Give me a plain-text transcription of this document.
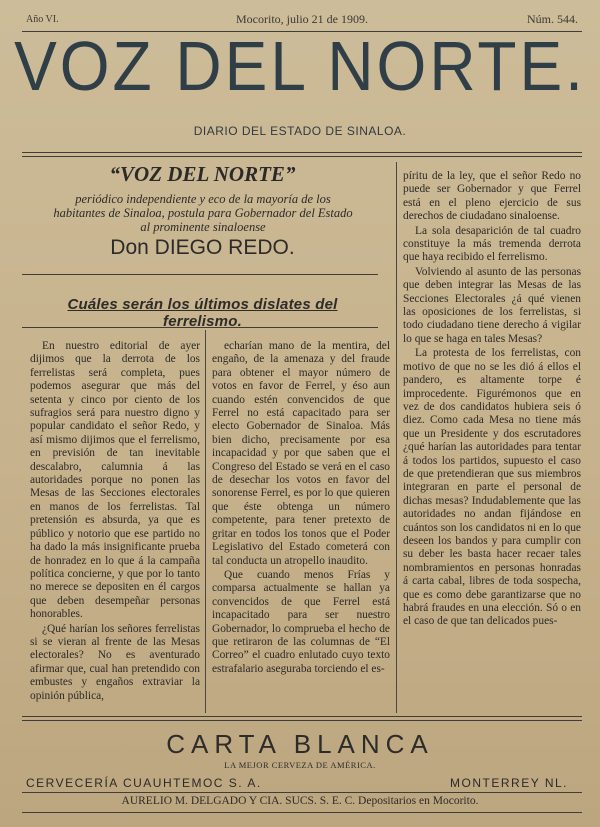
Año VI.	Mocorito, julio 21 de 1909.	Núm. 544.
VOZ DEL NORTE.
DIARIO DEL ESTADO DE SINALOA.
“VOZ DEL NORTE”
periódico independiente y eco de la mayoría de los habitantes de Sinaloa, postula para Gobernador del Estado al prominente sinaloense
Don DIEGO REDO.
Cuáles serán los últimos dislates del ferrelismo.

En nuestro editorial de ayer dijimos que la derrota de los ferrelistas será completa, pues podemos asegurar que más del setenta y cinco por ciento de los sufragios será para nuestro digno y popular candidato el señor Redo, y así mismo dijimos que el ferrelismo, en previsión de tan inevitable descalabro, calumnia á las autoridades porque no ponen las Mesas de las Secciones electorales en manos de los ferrelistas. Tal pretensión es absurda, ya que es público y notorio que ese partido no ha dado la más insignificante prueba de honradez en lo que á la campaña política concierne, y que por lo tanto no merece se depositen en él cargos que deben desempeñar personas honorables.

¿Qué harían los señores ferrelistas si se vieran al frente de las Mesas electorales? No es aventurado afirmar que, cual han pretendido con embustes y engaños extraviar la opinión pública,

echarían mano de la mentira, del engaño, de la amenaza y del fraude para obtener el mayor número de votos en favor de Ferrel, y éso aun cuando estén convencidos de que Ferrel no está capacitado para ser electo Gobernador de Sinaloa. Más bien dicho, precisamente por esa incapacidad y por que saben que el Congreso del Estado se verá en el caso de desechar los votos en favor del sonorense Ferrel, es por lo que quieren que éste obtenga un número competente, para tener pretexto de gritar en todos los tonos que el Poder Legislativo del Estado cometerá con tal conducta un atropello inaudito.

Que cuando menos Frías y comparsa actualmente se hallan ya convencidos de que Ferrel está incapacitado para ser nuestro Gobernador, lo comprueba el hecho de que retiraron de las columnas de “El Correo” el cuadro enlutado cuyo texto estrafalario aseguraba torciendo el es-

píritu de la ley, que el señor Redo no puede ser Gobernador y que Ferrel está en el pleno ejercicio de sus derechos de ciudadano sinaloense.

La sola desaparición de tal cuadro constituye la más tremenda derrota que haya recibido el ferrelismo.

Volviendo al asunto de las personas que deben integrar las Mesas de las Secciones Electorales ¿á qué vienen las oposiciones de los ferrelistas, si todo ciudadano tiene derecho á vigilar lo que se haga en tales Mesas?

La protesta de los ferrelistas, con motivo de que no se les dió á ellos el pandero, es altamente torpe é improcedente. Figurémonos que en vez de dos candidatos hubiera seis ó diez. Como cada Mesa no tiene más que un Presidente y dos escrutadores ¿qué harían las autoridades para tentar á todos los partidos, supuesto el caso de que pretendieran que sus miembros integraran en parte el personal de dichas mesas? Indudablemente que las autoridades no andan fijándose en cuántos son los candidatos ni en lo que deseen los bandos y para cumplir con su deber les basta hacer recaer tales nombramientos en personas honradas á carta cabal, libres de toda sospecha, que es como debe garantizarse que no habrá fraudes en una elección. Só o en el caso de que tan delicados pues-

CARTA BLANCA
LA MEJOR CERVEZA DE AMÉRICA.
CERVECERÍA CUAUHTEMOC S. A.	MONTERREY NL.
AURELIO M. DELGADO Y CIA. SUCS. S. E. C. Depositarios en Mocorito.
